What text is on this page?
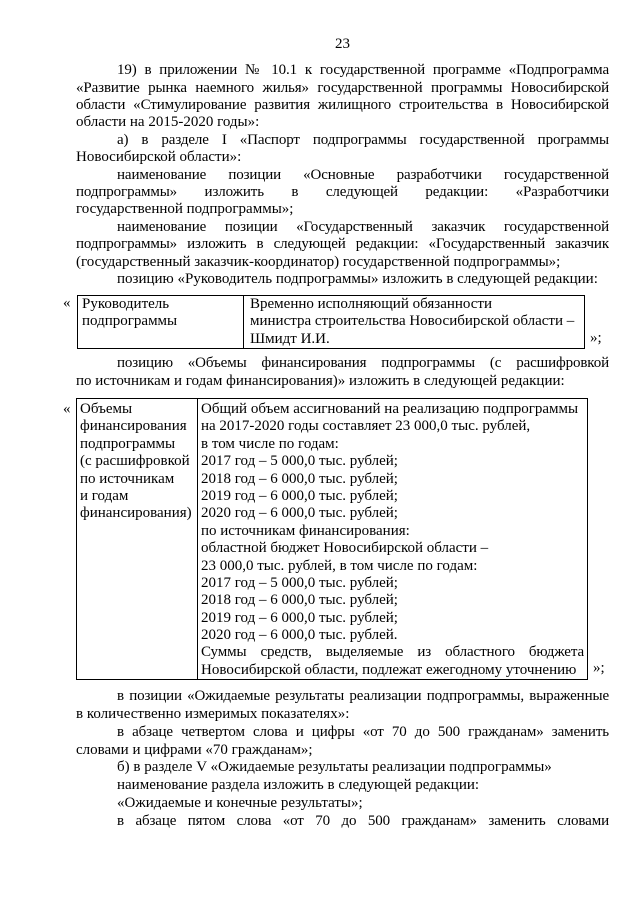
23
19) в приложении № 10.1 к государственной программе «Подпрограмма
«Развитие рынка наемного жилья» государственной программы Новосибирской
области «Стимулирование развития жилищного строительства в Новосибирской
области на 2015-2020 годы»:
а) в разделе I «Паспорт подпрограммы государственной программы
Новосибирской области»:
наименование позиции «Основные разработчики государственной
подпрограммы» изложить в следующей редакции: «Разработчики
государственной подпрограммы»;
наименование позиции «Государственный заказчик государственной
подпрограммы» изложить в следующей редакции: «Государственный заказчик
(государственный заказчик-координатор) государственной подпрограммы»;
позицию «Руководитель подпрограммы» изложить в следующей редакции:
« Руководитель
подпрограммы
Временно исполняющий обязанности
министра строительства Новосибирской области –
Шмидт И.И.	»;
позицию «Объемы финансирования подпрограммы (с расшифровкой
по источникам и годам финансирования)» изложить в следующей редакции:
« Объемы
финансирования
подпрограммы
(с расшифровкой
по источникам
и годам
финансирования)
Общий объем ассигнований на реализацию подпрограммы
на 2017-2020 годы составляет 23 000,0 тыс. рублей,
в том числе по годам:
2017 год – 5 000,0 тыс. рублей;
2018 год – 6 000,0 тыс. рублей;
2019 год – 6 000,0 тыс. рублей;
2020 год – 6 000,0 тыс. рублей;
по источникам финансирования:
областной бюджет Новосибирской области –
23 000,0 тыс. рублей, в том числе по годам:
2017 год – 5 000,0 тыс. рублей;
2018 год – 6 000,0 тыс. рублей;
2019 год – 6 000,0 тыс. рублей;
2020 год – 6 000,0 тыс. рублей.
Суммы средств, выделяемые из областного бюджета
Новосибирской области, подлежат ежегодному уточнению	»;
в позиции «Ожидаемые результаты реализации подпрограммы, выраженные
в количественно измеримых показателях»:
в абзаце четвертом слова и цифры «от 70 до 500 гражданам» заменить
словами и цифрами «70 гражданам»;
б) в разделе V «Ожидаемые результаты реализации подпрограммы»
наименование раздела изложить в следующей редакции:
«Ожидаемые и конечные результаты»;
в абзаце пятом слова «от 70 до 500 гражданам» заменить словами
